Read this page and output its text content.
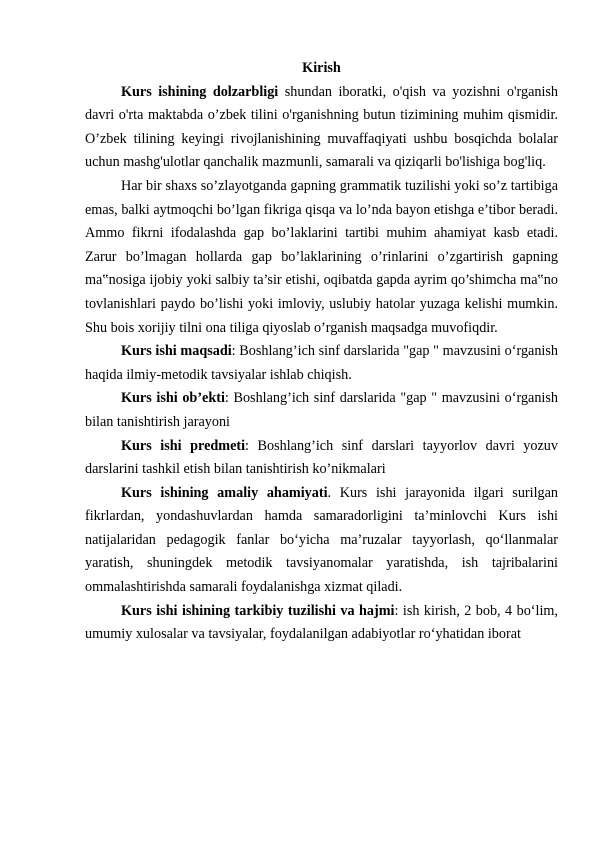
Kirish

Kurs ishining dolzarbligi shundan iboratki, o'qish va yozishni o'rganish davri o'rta maktabda o’zbek tilini o'rganishning butun tizimining muhim qismidir. O’zbek tilining keyingi rivojlanishining muvaffaqiyati ushbu bosqichda bolalar uchun mashg'ulotlar qanchalik mazmunli, samarali va qiziqarli bo'lishiga bog'liq.

Har bir shaxs so’zlayotganda gapning grammatik tuzilishi yoki so’z tartibiga emas, balki aytmoqchi bo’lgan fikriga qisqa va lo’nda bayon etishga e’tibor beradi. Ammo fikrni ifodalashda gap bo’laklarini tartibi muhim ahamiyat kasb etadi. Zarur bo’lmagan hollarda gap bo’laklarining o’rinlarini o’zgartirish gapning ma‟nosiga ijobiy yoki salbiy ta’sir etishi, oqibatda gapda ayrim qo’shimcha ma‟no tovlanishlari paydo bo’lishi yoki imloviy, uslubiy hatolar yuzaga kelishi mumkin. Shu bois xorijiy tilni ona tiliga qiyoslab o’rganish maqsadga muvofiqdir.

Kurs ishi maqsadi: Boshlang’ich sinf darslarida "gap " mavzusini o‘rganish haqida ilmiy-metodik tavsiyalar ishlab chiqish.

Kurs ishi ob’ekti: Boshlang’ich sinf darslarida "gap " mavzusini o‘rganish bilan tanishtirish jarayoni

Kurs ishi predmeti: Boshlang’ich sinf darslari tayyorlov davri yozuv darslarini tashkil etish bilan tanishtirish ko’nikmalari

Kurs ishining amaliy ahamiyati. Kurs ishi jarayonida ilgari surilgan fikrlardan, yondashuvlardan hamda samaradorligini ta’minlovchi Kurs ishi natijalaridan pedagogik fanlar bo‘yicha ma’ruzalar tayyorlash, qo‘llanmalar yaratish, shuningdek metodik tavsiyanomalar yaratishda, ish tajribalarini ommalashtirishda samarali foydalanishga xizmat qiladi.

Kurs ishi ishining tarkibiy tuzilishi va hajmi: ish kirish, 2 bob, 4 bo‘lim, umumiy xulosalar va tavsiyalar, foydalanilgan adabiyotlar ro‘yhatidan iborat
